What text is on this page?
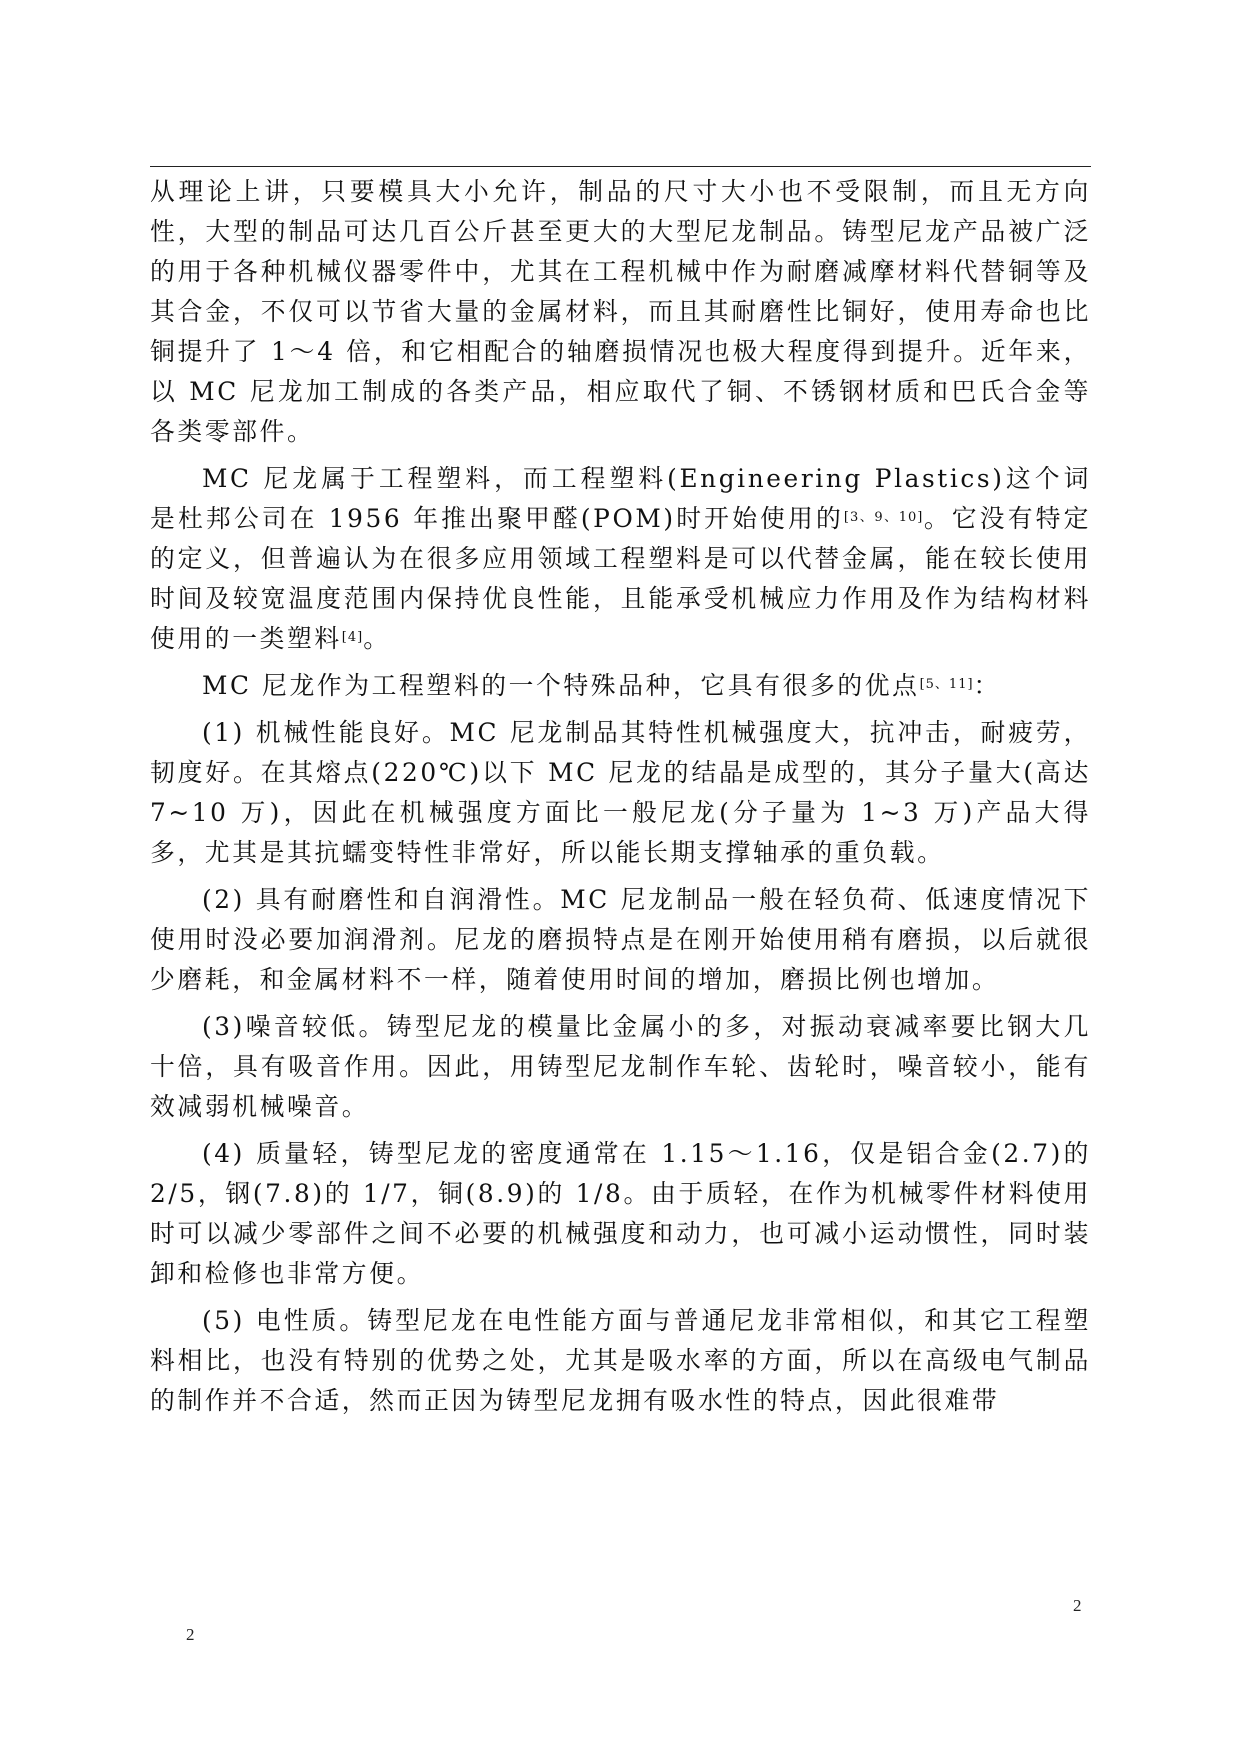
从理论上讲，只要模具大小允许，制品的尺寸大小也不受限制，而且无方向性，大型的制品可达几百公斤甚至更大的大型尼龙制品。铸型尼龙产品被广泛的用于各种机械仪器零件中，尤其在工程机械中作为耐磨减摩材料代替铜等及其合金，不仅可以节省大量的金属材料，而且其耐磨性比铜好，使用寿命也比铜提升了 1～4 倍，和它相配合的轴磨损情况也极大程度得到提升。近年来，以 MC 尼龙加工制成的各类产品，相应取代了铜、不锈钢材质和巴氏合金等各类零部件。

MC 尼龙属于工程塑料，而工程塑料(Engineering Plastics)这个词是杜邦公司在 1956 年推出聚甲醛(POM)时开始使用的[3、9、10]。它没有特定的定义，但普遍认为在很多应用领域工程塑料是可以代替金属，能在较长使用时间及较宽温度范围内保持优良性能，且能承受机械应力作用及作为结构材料使用的一类塑料[4]。

MC 尼龙作为工程塑料的一个特殊品种，它具有很多的优点[5、11]：

(1) 机械性能良好。MC 尼龙制品其特性机械强度大，抗冲击，耐疲劳，韧度好。在其熔点(220℃)以下 MC 尼龙的结晶是成型的，其分子量大(高达 7~10 万)，因此在机械强度方面比一般尼龙(分子量为 1~3 万)产品大得多，尤其是其抗蠕变特性非常好，所以能长期支撑轴承的重负载。

(2) 具有耐磨性和自润滑性。MC 尼龙制品一般在轻负荷、低速度情况下使用时没必要加润滑剂。尼龙的磨损特点是在刚开始使用稍有磨损，以后就很少磨耗，和金属材料不一样，随着使用时间的增加，磨损比例也增加。

(3)噪音较低。铸型尼龙的模量比金属小的多，对振动衰减率要比钢大几十倍，具有吸音作用。因此，用铸型尼龙制作车轮、齿轮时，噪音较小，能有效减弱机械噪音。

(4) 质量轻，铸型尼龙的密度通常在 1.15～1.16，仅是铝合金(2.7)的 2/5，钢(7.8)的 1/7，铜(8.9)的 1/8。由于质轻，在作为机械零件材料使用时可以减少零部件之间不必要的机械强度和动力，也可减小运动惯性，同时装卸和检修也非常方便。

(5) 电性质。铸型尼龙在电性能方面与普通尼龙非常相似，和其它工程塑料相比，也没有特别的优势之处，尤其是吸水率的方面，所以在高级电气制品的制作并不合适，然而正因为铸型尼龙拥有吸水性的特点，因此很难带

2
2
